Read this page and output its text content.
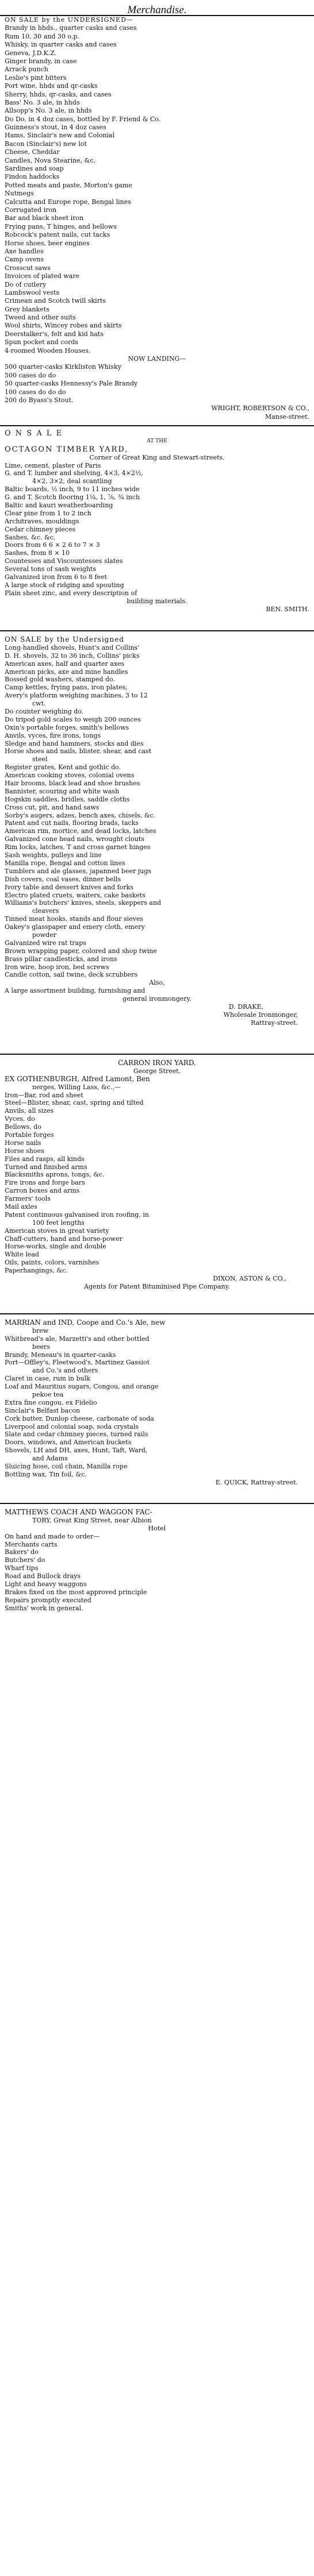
Merchandise.
ON SALE by the UNDERSIGNED—
Brandy in hhds., quarter casks and cases
Rum 10, 30 and 30 o.p.
Whisky, in quarter casks and cases
Geneva, J.D.K.Z.
Ginger brandy, in case
Arrack punch
Leslie's pint bitters
Port wine, hhds and qr-casks
Sherry, hhds, qr-casks, and cases
Bass' No. 3 ale, in hhds
Allsopp's No. 3 ale, in hhds
Do Do, in 4 doz cases, bottled by F. Friend & Co.
Guinness's stout, in 4 doz cases
Hams, Sinclair's new and Colonial
Bacon (Sinclair's) new lot
Cheese, Cheddar
Candles, Nova Stearine, &c.
Sardines and soap
Findon haddocks
Potted meats and paste, Morton's game
Nutmegs
Calcutta and Europe rope, Bengal lines
Corrugated iron
Bar and black sheet iron
Frying pans, T hinges, and bellows
Robcock's patent nails, cut tacks
Horse shoes, beer engines
Axe handles
Camp ovens
Crosscut saws
Invoices of plated ware
Do of cutlery
Lambswool vests
Crimean and Scotch twill skirts
Grey blankets
Tweed and other suits
Wool shirts, Wincey robes and skirts
Deerstalker's, felt and kid hats
Spun pocket and cords
4-roomed Wooden Houses.
NOW LANDING—
500 quarter-casks Kirkliston Whisky
500 cases do do
50 quarter-casks Hennessy's Pale Brandy
100 cases do do do
200 do Byass's Stout.
WRIGHT, ROBERTSON & CO.,
Manse-street.
O N S A L E
AT THE
OCTAGON TIMBER YARD,
Corner of Great King and Stewart-streets.
Lime, cement, plaster of Paris
G. and T. lumber and shelving, 4×3, 4×2½,
4×2, 3×2, deal scantling
Baltic boards, ½ inch, 9 to 11 inches wide
G. and T. Scotch flooring 1¼, 1, ⅞, ¾ inch
Baltic and kauri weatherboarding
Clear pine from 1 to 2 inch
Architraves, mouldings
Cedar chimney pieces
Sashes, &c. &c.
Doors from 6 6 × 2 6 to 7 × 3
Sashes, from 8 × 10
Countesses and Viscountesses slates
Several tons of sash weights
Galvanized iron from 6 to 8 feet
A large stock of ridging and spouting
Plain sheet zinc, and every description of
building materials.
BEN. SMITH.
ON SALE by the Undersigned
Long-handled shovels, Hunt's and Collins'
D. H. shovels, 32 to 36 inch, Collins' picks
American axes, half and quarter axes
American picks, axe and mine handles
Bossed gold washers, stamped do.
Camp kettles, frying pans, iron plates,
Avery's platform weighing machines, 3 to 12
cwt.
Do counter weighing do.
Do tripod gold scales to weigh 200 ounces
Oxin's portable forges, smith's bellows
Anvils, vyces, fire irons, tongs
Sledge and hand hammers, stocks and dies
Horse shoes and nails, blister, shear, and cast
steel
Register grates, Kent and gothic do.
American cooking stoves, colonial ovens
Hair brooms, black lead and shoe brushes
Bannister, scouring and white wash
Hogskin saddles, bridles, saddle cloths
Cross cut, pit, and hand saws
Sorby's augers, adzes, bench axes, chisels, &c.
Patent and cut nails, flooring brads, tacks
American rim, mortice, and dead locks, latches
Galvanized cone head nails, wrought clouts
Rim locks, latches, T and cross garnet hinges
Sash weights, pulleys and line
Manilla rope, Bengal and cotton lines
Tumblers and ale glasses, japanned beer jugs
Dish covers, coal vases, dinner bells
Ivory table and dessert knives and forks
Electro plated cruets, waiters, cake baskets
Williams's butchers' knives, steels, skeppers and
cleavers
Tinned meat hooks, stands and flour sieves
Oakey's glasspaper and emery cloth, emery
powder
Galvanized wire rat traps
Brown wrapping paper, colored and shop twine
Brass pillar candlesticks, and irons
Iron wire, hoop iron, bed screws
Candle cotton, sail twine, deck scrubbers
Also,
A large assortment building, furnishing and
general ironmongery.
D. DRAKE,
Wholesale Ironmonger,
Rattray-street.
CARRON IRON YARD,
George Street.
EX GOTHENBURGH, Alfred Lamont, Ben
nerges, Willing Lass, &c.,—
Iron—Bar, rod and sheet
Steel—Blister, shear, cast, spring and tilted
Anvils, all sizes
Vyces, do
Bellows, do
Portable forges
Horse nails
Horse shoes
Files and rasps, all kinds
Turned and finished arms
Blacksmiths aprons, tongs, &c.
Fire irons and forge bars
Carron boxes and arms
Farmers' tools
Mail axles
Patent continuous galvanised iron roofing, in
100 feet lengths
American stoves in great variety
Chaff-cutters, hand and horse-power
Horse-works, single and double
White lead
Oils, paints, colors, varnishes
Paperhangings, &c.
DIXON, ASTON & CO.,
Agents for Patent Bituminised Pipe Company.
MARRIAN and IND, Coope and Co.'s Ale, new
brew
Whitbread's ale, Marzetti's and other bottled
beers
Brandy, Meneau's in quarter-casks
Port—Offley's, Fleetwood's, Martinez Gassiot
and Co.'s and others
Claret in case, rum in bulk
Loaf and Mauritius sugars, Congou, and orange
pekoe tea
Extra fine congou, ex Fidelio
Sinclair's Belfast bacon
Cork butter, Dunlop cheese, carbonate of soda
Liverpool and colonial soap, soda crystals
Slate and cedar chimney pieces, turned rails
Doors, windows, and American buckets
Shovels, LH and DH, axes, Hunt, Taft, Ward,
and Adams
Sluicing hose, coil chain, Manilla rope
Bottling wax, Tin foil, &c.
E. QUICK, Rattray-street.
MATTHEWS COACH AND WAGGON FAC-
TORY, Great King Street, near Albion
Hotel
On hand and made to order—
Merchants carts
Bakers' do
Butchers' do
Wharf tips
Road and Bullock drays
Light and heavy waggons
Brakes fixed on the most approved principle
Repairs promptly executed
Smiths' work in general.
